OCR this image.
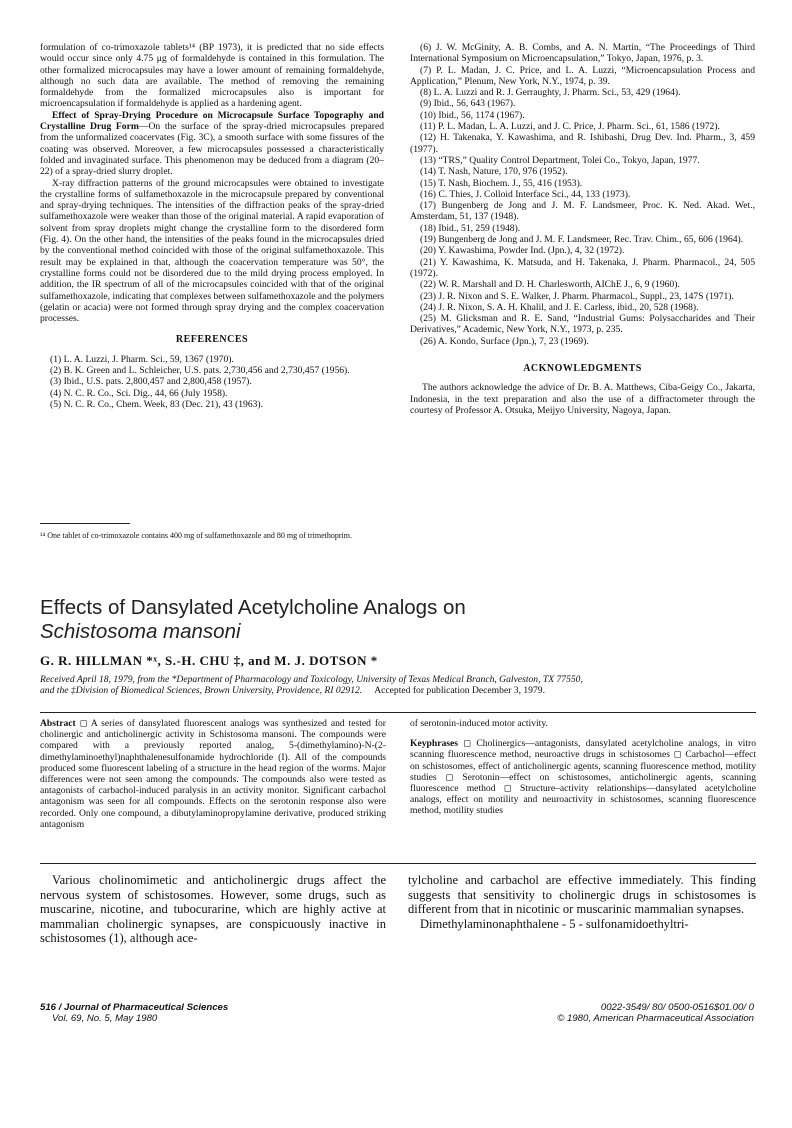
formulation of co-trimoxazole tablets¹⁴ (BP 1973), it is predicted that no side effects would occur since only 4.75 μg of formaldehyde is contained in this formulation. The other formalized microcapsules may have a lower amount of remaining formaldehyde, although no such data are available. The method of removing the remaining formaldehyde from the formalized microcapsules also is important for microencapsulation if formaldehyde is applied as a hardening agent.

Effect of Spray-Drying Procedure on Microcapsule Surface Topography and Crystalline Drug Form—On the surface of the spray-dried microcapsules prepared from the unformalized coacervates (Fig. 3C), a smooth surface with some fissures of the coating was observed. Moreover, a few microcapsules possessed a characteristically folded and invaginated surface. This phenomenon may be deduced from a diagram (20–22) of a spray-dried slurry droplet.

X-ray diffraction patterns of the ground microcapsules were obtained to investigate the crystalline forms of sulfamethoxazole in the microcapsule prepared by conventional and spray-drying techniques. The intensities of the diffraction peaks of the spray-dried sulfamethoxazole were weaker than those of the original material. A rapid evaporation of solvent from spray droplets might change the crystalline form to the disordered form (Fig. 4). On the other hand, the intensities of the peaks found in the microcapsules dried by the conventional method coincided with those of the original sulfamethoxazole. This result may be explained in that, although the coacervation temperature was 50°, the crystalline forms could not be disordered due to the mild drying process employed. In addition, the IR spectrum of all of the microcapsules coincided with that of the original sulfamethoxazole, indicating that complexes between sulfamethoxazole and the polymers (gelatin or acacia) were not formed through spray drying and the complex coacervation processes.

REFERENCES

(1) L. A. Luzzi, J. Pharm. Sci., 59, 1367 (1970).

(2) B. K. Green and L. Schleicher, U.S. pats. 2,730,456 and 2,730,457 (1956).

(3) Ibid., U.S. pats. 2,800,457 and 2,800,458 (1957).

(4) N. C. R. Co., Sci. Dig., 44, 66 (July 1958).

(5) N. C. R. Co., Chem. Week, 83 (Dec. 21), 43 (1963).

¹⁴ One tablet of co-trimoxazole contains 400 mg of sulfamethoxazole and 80 mg of trimethoprim.

(6) J. W. McGinity, A. B. Combs, and A. N. Martin, “The Proceedings of Third International Symposium on Microencapsulation,” Tokyo, Japan, 1976, p. 3.

(7) P. L. Madan, J. C. Price, and L. A. Luzzi, “Microencapsulation Process and Application,” Plenum, New York, N.Y., 1974, p. 39.

(8) L. A. Luzzi and R. J. Gerraughty, J. Pharm. Sci., 53, 429 (1964).

(9) Ibid., 56, 643 (1967).

(10) Ibid., 56, 1174 (1967).

(11) P. L. Madan, L. A. Luzzi, and J. C. Price, J. Pharm. Sci., 61, 1586 (1972).

(12) H. Takenaka, Y. Kawashima, and R. Ishibashi, Drug Dev. Ind. Pharm., 3, 459 (1977).

(13) “TRS,” Quality Control Department, Tolei Co., Tokyo, Japan, 1977.

(14) T. Nash, Nature, 170, 976 (1952).

(15) T. Nash, Biochem. J., 55, 416 (1953).

(16) C. Thies, J. Colloid Interface Sci., 44, 133 (1973).

(17) Bungenberg de Jong and J. M. F. Landsmeer, Proc. K. Ned. Akad. Wet., Amsterdam, 51, 137 (1948).

(18) Ibid., 51, 259 (1948).

(19) Bungenberg de Jong and J. M. F. Landsmeer, Rec. Trav. Chim., 65, 606 (1964).

(20) Y. Kawashima, Powder Ind. (Jpn.), 4, 32 (1972).

(21) Y. Kawashima, K. Matsuda, and H. Takenaka, J. Pharm. Pharmacol., 24, 505 (1972).

(22) W. R. Marshall and D. H. Charlesworth, AIChE J., 6, 9 (1960).

(23) J. R. Nixon and S. E. Walker, J. Pharm. Pharmacol., Suppl., 23, 147S (1971).

(24) J. R. Nixon, S. A. H. Khalil, and J. E. Carless, ibid., 20, 528 (1968).

(25) M. Glicksman and R. E. Sand, “Industrial Gums: Polysaccharides and Their Derivatives,” Academic, New York, N.Y., 1973, p. 235.

(26) A. Kondo, Surface (Jpn.), 7, 23 (1969).

ACKNOWLEDGMENTS

The authors acknowledge the advice of Dr. B. A. Matthews, Ciba-Geigy Co., Jakarta, Indonesia, in the text preparation and also the use of a diffractometer through the courtesy of Professor A. Otsuka, Meijyo University, Nagoya, Japan.

Effects of Dansylated Acetylcholine Analogs on
Schistosoma mansoni
G. R. HILLMAN *ˣ, S.-H. CHU ‡, and M. J. DOTSON *
Received April 18, 1979, from the *Department of Pharmacology and Toxicology, University of Texas Medical Branch, Galveston, TX 77550,
and the ‡Division of Biomedical Sciences, Brown University, Providence, RI 02912. Accepted for publication December 3, 1979.
Abstract ◻ A series of dansylated fluorescent analogs was synthesized and tested for cholinergic and anticholinergic activity in Schistosoma mansoni. The compounds were compared with a previously reported analog, 5-(dimethylamino)-N-(2-dimethylaminoethyl)naphthalenesulfonamide hydrochloride (I). All of the compounds produced some fluorescent labeling of a structure in the head region of the worms. Major differences were not seen among the compounds. The compounds also were tested as antagonists of carbachol-induced paralysis in an activity monitor. Significant carbachol antagonism was seen for all compounds. Effects on the serotonin response also were recorded. Only one compound, a dibutylaminopropylamine derivative, produced striking antagonism

of serotonin-induced motor activity.

Keyphrases ◻ Cholinergics—antagonists, dansylated acetylcholine analogs, in vitro scanning fluorescence method, neuroactive drugs in schistosomes ◻ Carbachol—effect on schistosomes, effect of anticholinergic agents, scanning fluorescence method, motility studies ◻ Serotonin—effect on schistosomes, anticholinergic agents, scanning fluorescence method ◻ Structure–activity relationships—dansylated acetylcholine analogs, effect on motility and neuroactivity in schistosomes, scanning fluorescence method, motility studies

Various cholinomimetic and anticholinergic drugs affect the nervous system of schistosomes. However, some drugs, such as muscarine, nicotine, and tubocurarine, which are highly active at mammalian cholinergic synapses, are conspicuously inactive in schistosomes (1), although ace-

tylcholine and carbachol are effective immediately. This finding suggests that sensitivity to cholinergic drugs in schistosomes is different from that in nicotinic or muscarinic mammalian synapses.

Dimethylaminonaphthalene - 5 - sulfonamidoethyltri-

516 / Journal of Pharmaceutical Sciences
Vol. 69, No. 5, May 1980
0022-3549/ 80/ 0500-0516$01.00/ 0
© 1980, American Pharmaceutical Association
